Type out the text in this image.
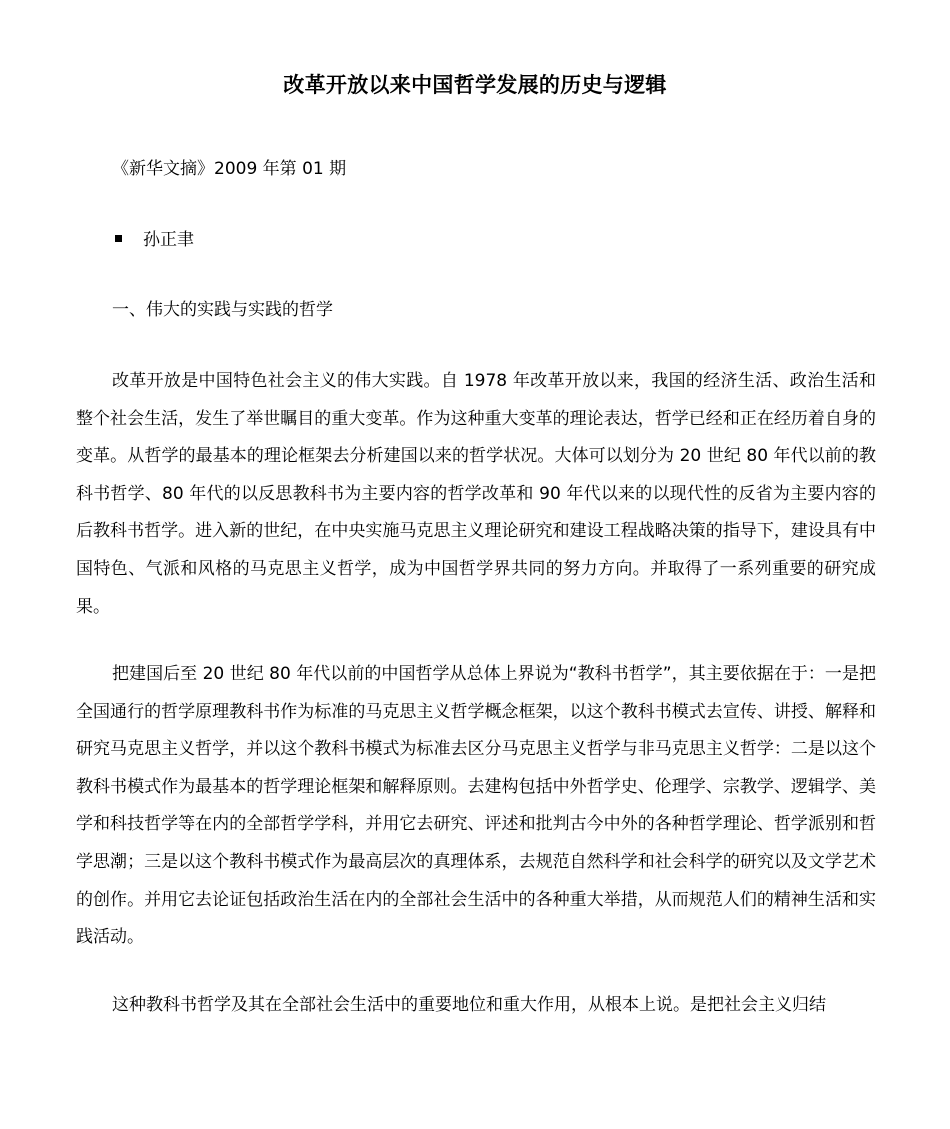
改革开放以来中国哲学发展的历史与逻辑
《新华文摘》2009 年第 01 期
孙正聿
一、伟大的实践与实践的哲学

改革开放是中国特色社会主义的伟大实践。自 1978 年改革开放以来，我国的经济生活、政治生活和整个社会生活，发生了举世瞩目的重大变革。作为这种重大变革的理论表达，哲学已经和正在经历着自身的变革。从哲学的最基本的理论框架去分析建国以来的哲学状况。大体可以划分为 20 世纪 80 年代以前的教科书哲学、80 年代的以反思教科书为主要内容的哲学改革和 90 年代以来的以现代性的反省为主要内容的后教科书哲学。进入新的世纪，在中央实施马克思主义理论研究和建设工程战略决策的指导下，建设具有中国特色、气派和风格的马克思主义哲学，成为中国哲学界共同的努力方向。并取得了一系列重要的研究成果。

把建国后至 20 世纪 80 年代以前的中国哲学从总体上界说为“教科书哲学”，其主要依据在于：一是把全国通行的哲学原理教科书作为标准的马克思主义哲学概念框架，以这个教科书模式去宣传、讲授、解释和研究马克思主义哲学，并以这个教科书模式为标准去区分马克思主义哲学与非马克思主义哲学：二是以这个教科书模式作为最基本的哲学理论框架和解释原则。去建构包括中外哲学史、伦理学、宗教学、逻辑学、美学和科技哲学等在内的全部哲学学科，并用它去研究、评述和批判古今中外的各种哲学理论、哲学派别和哲学思潮；三是以这个教科书模式作为最高层次的真理体系，去规范自然科学和社会科学的研究以及文学艺术的创作。并用它去论证包括政治生活在内的全部社会生活中的各种重大举措，从而规范人们的精神生活和实践活动。

这种教科书哲学及其在全部社会生活中的重要地位和重大作用，从根本上说。是把社会主义归结
